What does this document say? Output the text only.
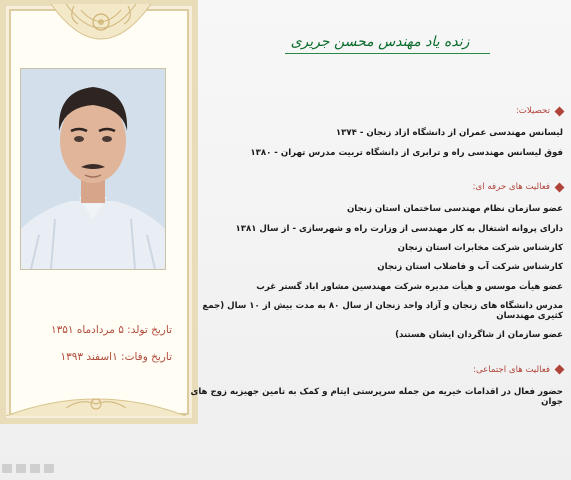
تاریخ تولد: ۵ مردادماه ۱۳۵۱
تاریخ وفات: ۱اسفند ۱۳۹۳
زنده یاد مهندس محسن جریری
تحصیلات:
لیسانس مهندسی عمران از دانشگاه ازاد زنجان - ۱۳۷۴
فوق لیسانس مهندسی راه و ترابری از دانشگاه تربیت مدرس تهران - ۱۳۸۰
فعالیت های حرفه ای:
عضو سازمان نظام مهندسی ساختمان استان زنجان
دارای پروانه اشتغال به کار مهندسی از وزارت راه و شهرسازی - از سال ۱۳۸۱
کارشناس شرکت مخابرات استان زنجان
کارشناس شرکت آب و فاضلاب استان زنجان
عضو هیأت موسس و هیأت مدیره شرکت مهندسین مشاور اباد گستر غرب
مدرس دانشگاه های زنجان و آزاد واحد زنجان از سال ۸۰ به مدت بیش از ۱۰ سال (جمع کثیری مهندسان
عضو سازمان از شاگردان ایشان هستند)
فعالیت های اجتماعی:
حضور فعال در اقدامات خیریه من جمله سرپرستی ایتام و کمک به تامین جهیزیه زوج های جوان
